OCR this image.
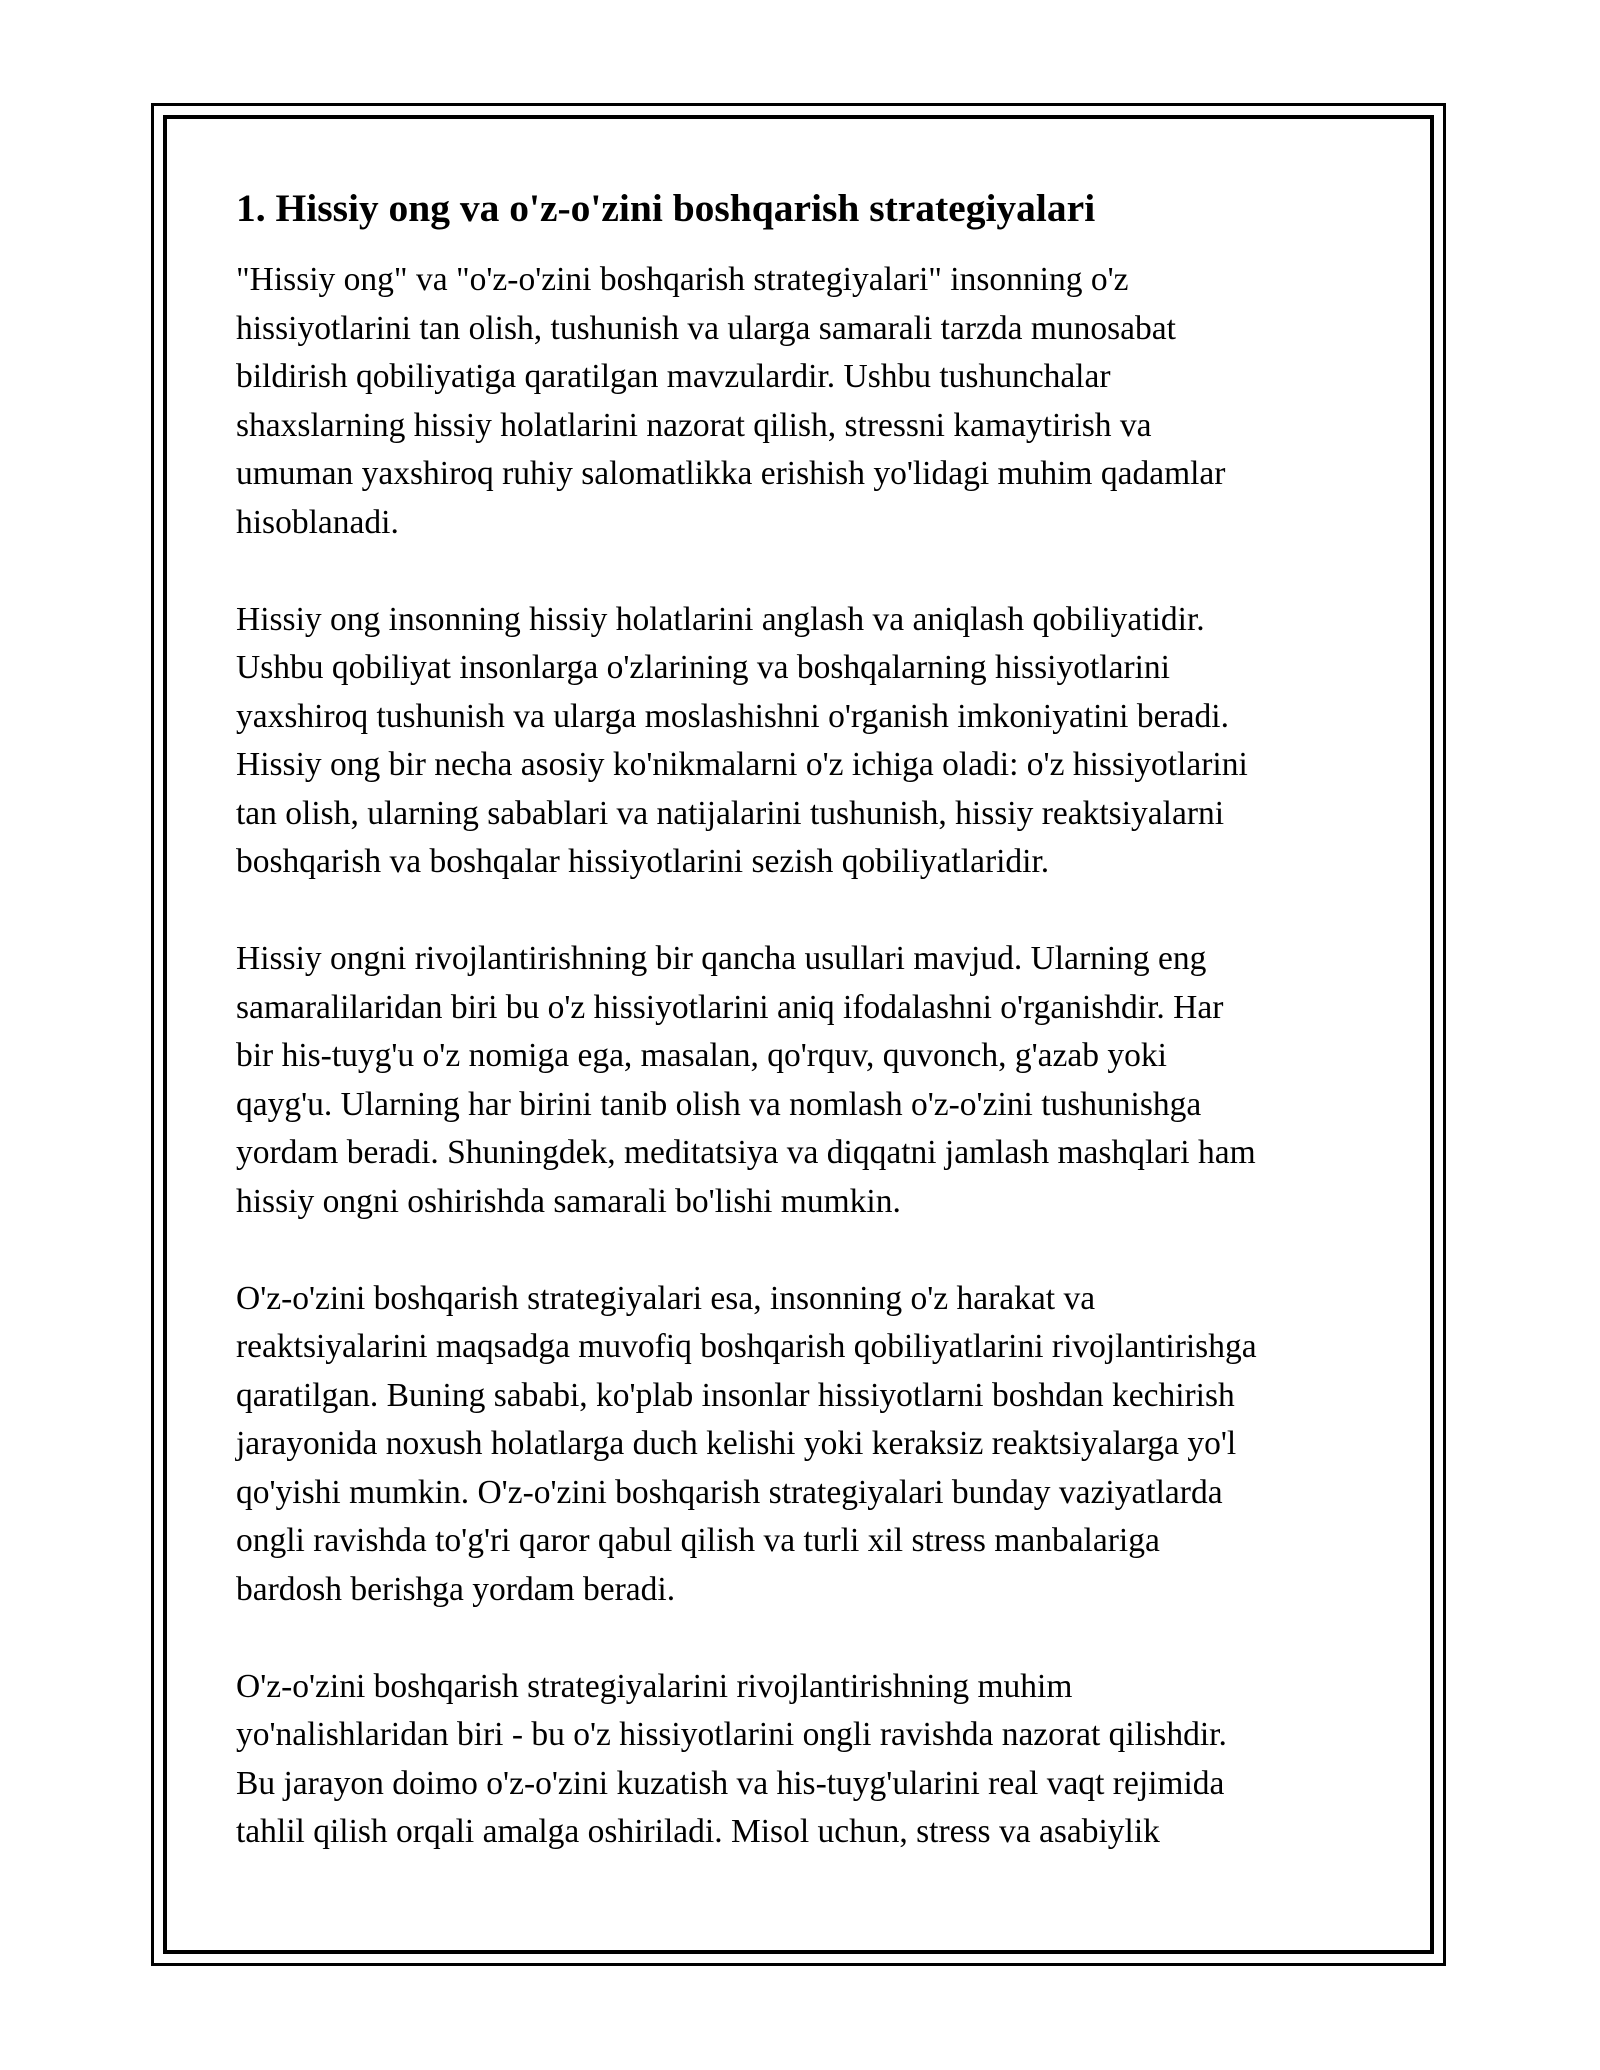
1. Hissiy ong va o'z-o'zini boshqarish strategiyalari
"Hissiy ong" va "o'z-o'zini boshqarish strategiyalari" insonning o'z
hissiyotlarini tan olish, tushunish va ularga samarali tarzda munosabat
bildirish qobiliyatiga qaratilgan mavzulardir. Ushbu tushunchalar
shaxslarning hissiy holatlarini nazorat qilish, stressni kamaytirish va
umuman yaxshiroq ruhiy salomatlikka erishish yo'lidagi muhim qadamlar
hisoblanadi.
Hissiy ong insonning hissiy holatlarini anglash va aniqlash qobiliyatidir.
Ushbu qobiliyat insonlarga o'zlarining va boshqalarning hissiyotlarini
yaxshiroq tushunish va ularga moslashishni o'rganish imkoniyatini beradi.
Hissiy ong bir necha asosiy ko'nikmalarni o'z ichiga oladi: o'z hissiyotlarini
tan olish, ularning sabablari va natijalarini tushunish, hissiy reaktsiyalarni
boshqarish va boshqalar hissiyotlarini sezish qobiliyatlaridir.
Hissiy ongni rivojlantirishning bir qancha usullari mavjud. Ularning eng
samaralilaridan biri bu o'z hissiyotlarini aniq ifodalashni o'rganishdir. Har
bir his-tuyg'u o'z nomiga ega, masalan, qo'rquv, quvonch, g'azab yoki
qayg'u. Ularning har birini tanib olish va nomlash o'z-o'zini tushunishga
yordam beradi. Shuningdek, meditatsiya va diqqatni jamlash mashqlari ham
hissiy ongni oshirishda samarali bo'lishi mumkin.
O'z-o'zini boshqarish strategiyalari esa, insonning o'z harakat va
reaktsiyalarini maqsadga muvofiq boshqarish qobiliyatlarini rivojlantirishga
qaratilgan. Buning sababi, ko'plab insonlar hissiyotlarni boshdan kechirish
jarayonida noxush holatlarga duch kelishi yoki keraksiz reaktsiyalarga yo'l
qo'yishi mumkin. O'z-o'zini boshqarish strategiyalari bunday vaziyatlarda
ongli ravishda to'g'ri qaror qabul qilish va turli xil stress manbalariga
bardosh berishga yordam beradi.
O'z-o'zini boshqarish strategiyalarini rivojlantirishning muhim
yo'nalishlaridan biri - bu o'z hissiyotlarini ongli ravishda nazorat qilishdir.
Bu jarayon doimo o'z-o'zini kuzatish va his-tuyg'ularini real vaqt rejimida
tahlil qilish orqali amalga oshiriladi. Misol uchun, stress va asabiylik
